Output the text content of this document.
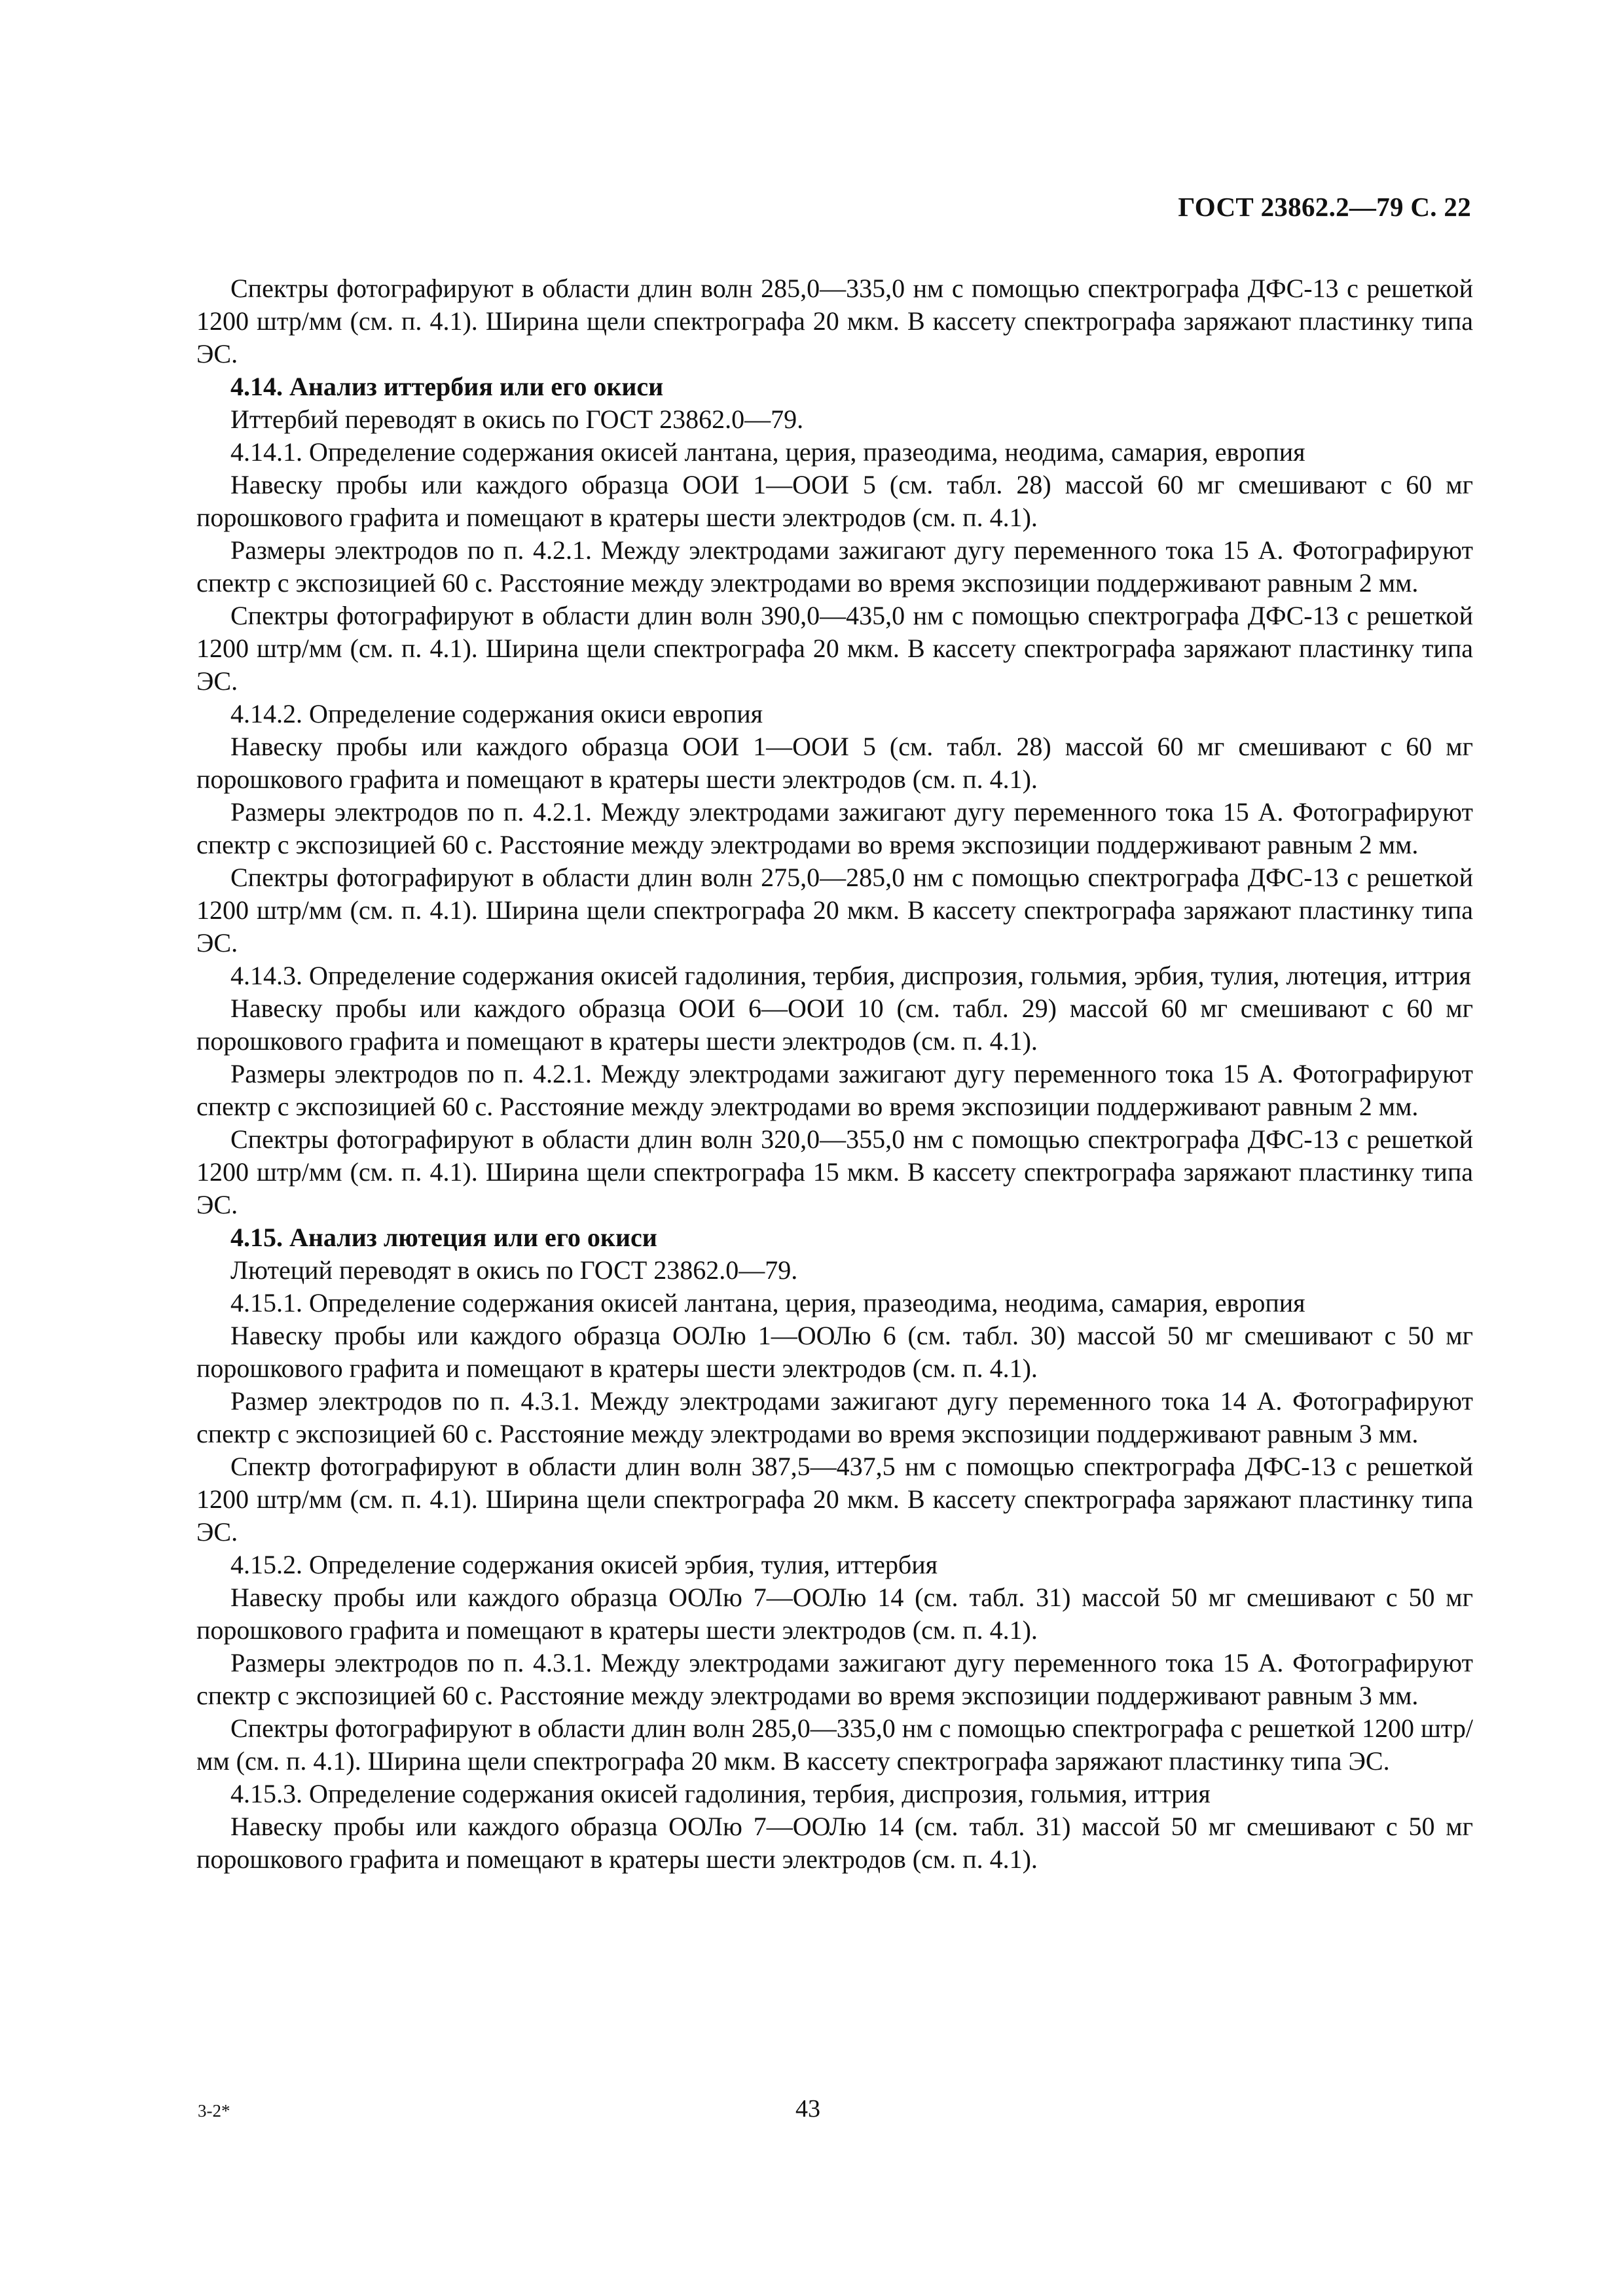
ГОСТ 23862.2—79 С. 22

Спектры фотографируют в области длин волн 285,0—335,0 нм с помощью спектрографа ДФС-13 с решеткой 1200 штр/мм (см. п. 4.1). Ширина щели спектрографа 20 мкм. В кассету спектрографа заряжают пластинку типа ЭС.

4.14. Анализ иттербия или его окиси

Иттербий переводят в окись по ГОСТ 23862.0—79.

4.14.1. Определение содержания окисей лантана, церия, празеодима, неодима, самария, европия

Навеску пробы или каждого образца ООИ 1—ООИ 5 (см. табл. 28) массой 60 мг смешивают с 60 мг порошкового графита и помещают в кратеры шести электродов (см. п. 4.1).

Размеры электродов по п. 4.2.1. Между электродами зажигают дугу переменного тока 15 А. Фотографируют спектр с экспозицией 60 с. Расстояние между электродами во время экспозиции поддерживают равным 2 мм.

Спектры фотографируют в области длин волн 390,0—435,0 нм с помощью спектрографа ДФС-13 с решеткой 1200 штр/мм (см. п. 4.1). Ширина щели спектрографа 20 мкм. В кассету спектрографа заряжают пластинку типа ЭС.

4.14.2. Определение содержания окиси европия

Навеску пробы или каждого образца ООИ 1—ООИ 5 (см. табл. 28) массой 60 мг смешивают с 60 мг порошкового графита и помещают в кратеры шести электродов (см. п. 4.1).

Размеры электродов по п. 4.2.1. Между электродами зажигают дугу переменного тока 15 А. Фотографируют спектр с экспозицией 60 с. Расстояние между электродами во время экспозиции поддерживают равным 2 мм.

Спектры фотографируют в области длин волн 275,0—285,0 нм с помощью спектрографа ДФС-13 с решеткой 1200 штр/мм (см. п. 4.1). Ширина щели спектрографа 20 мкм. В кассету спектрографа заряжают пластинку типа ЭС.

4.14.3. Определение содержания окисей гадолиния, тербия, диспрозия, гольмия, эрбия, тулия, лютеция, иттрия

Навеску пробы или каждого образца ООИ 6—ООИ 10 (см. табл. 29) массой 60 мг смешивают с 60 мг порошкового графита и помещают в кратеры шести электродов (см. п. 4.1).

Размеры электродов по п. 4.2.1. Между электродами зажигают дугу переменного тока 15 А. Фотографируют спектр с экспозицией 60 с. Расстояние между электродами во время экспозиции поддерживают равным 2 мм.

Спектры фотографируют в области длин волн 320,0—355,0 нм с помощью спектрографа ДФС-13 с решеткой 1200 штр/мм (см. п. 4.1). Ширина щели спектрографа 15 мкм. В кассету спектрографа заряжают пластинку типа ЭС.

4.15. Анализ лютеция или его окиси

Лютеций переводят в окись по ГОСТ 23862.0—79.

4.15.1. Определение содержания окисей лантана, церия, празеодима, неодима, самария, европия

Навеску пробы или каждого образца ООЛю 1—ООЛю 6 (см. табл. 30) массой 50 мг смешивают с 50 мг порошкового графита и помещают в кратеры шести электродов (см. п. 4.1).

Размер электродов по п. 4.3.1. Между электродами зажигают дугу переменного тока 14 А. Фотографируют спектр с экспозицией 60 с. Расстояние между электродами во время экспозиции поддерживают равным 3 мм.

Спектр фотографируют в области длин волн 387,5—437,5 нм с помощью спектрографа ДФС-13 с решеткой 1200 штр/мм (см. п. 4.1). Ширина щели спектрографа 20 мкм. В кассету спектрографа заряжают пластинку типа ЭС.

4.15.2. Определение содержания окисей эрбия, тулия, иттербия

Навеску пробы или каждого образца ООЛю 7—ООЛю 14 (см. табл. 31) массой 50 мг смешивают с 50 мг порошкового графита и помещают в кратеры шести электродов (см. п. 4.1).

Размеры электродов по п. 4.3.1. Между электродами зажигают дугу переменного тока 15 А. Фотографируют спектр с экспозицией 60 с. Расстояние между электродами во время экспозиции поддерживают равным 3 мм.

Спектры фотографируют в области длин волн 285,0—335,0 нм с помощью спектрографа с решеткой 1200 штр/мм (см. п. 4.1). Ширина щели спектрографа 20 мкм. В кассету спектрографа заряжают пластинку типа ЭС.

4.15.3. Определение содержания окисей гадолиния, тербия, диспрозия, гольмия, иттрия

Навеску пробы или каждого образца ООЛю 7—ООЛю 14 (см. табл. 31) массой 50 мг смешивают с 50 мг порошкового графита и помещают в кратеры шести электродов (см. п. 4.1).

3-2*	43
